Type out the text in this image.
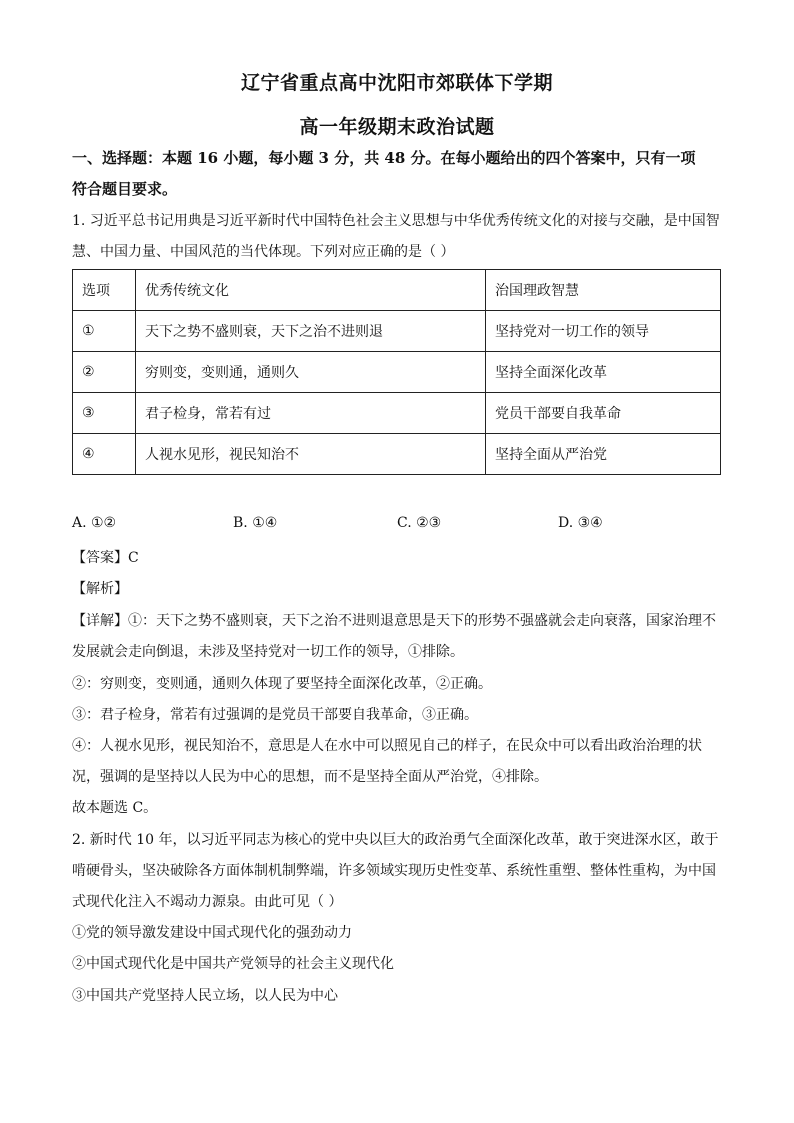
辽宁省重点高中沈阳市郊联体下学期
高一年级期末政治试题
一、选择题：本题 16 小题，每小题 3 分，共 48 分。在每小题给出的四个答案中，只有一项
符合题目要求。
1. 习近平总书记用典是习近平新时代中国特色社会主义思想与中华优秀传统文化的对接与交融，是中国智
慧、中国力量、中国风范的当代体现。下列对应正确的是（ ）
选项	优秀传统文化	治国理政智慧
①	天下之势不盛则衰，天下之治不进则退	坚持党对一切工作的领导
②	穷则变，变则通，通则久	坚持全面深化改革
③	君子检身，常若有过	党员干部要自我革命
④	人视水见形，视民知治不	坚持全面从严治党
A. ①②	B. ①④	C. ②③	D. ③④
【答案】C
【解析】
【详解】①：天下之势不盛则衰，天下之治不进则退意思是天下的形势不强盛就会走向衰落，国家治理不
发展就会走向倒退，未涉及坚持党对一切工作的领导，①排除。
②：穷则变，变则通，通则久体现了要坚持全面深化改革，②正确。
③：君子检身，常若有过强调的是党员干部要自我革命，③正确。
④：人视水见形，视民知治不，意思是人在水中可以照见自己的样子，在民众中可以看出政治治理的状
况，强调的是坚持以人民为中心的思想，而不是坚持全面从严治党，④排除。
故本题选 C。
2. 新时代 10 年，以习近平同志为核心的党中央以巨大的政治勇气全面深化改革，敢于突进深水区，敢于
啃硬骨头，坚决破除各方面体制机制弊端，许多领域实现历史性变革、系统性重塑、整体性重构，为中国
式现代化注入不竭动力源泉。由此可见（ ）
①党的领导激发建设中国式现代化的强劲动力
②中国式现代化是中国共产党领导的社会主义现代化
③中国共产党坚持人民立场，以人民为中心
